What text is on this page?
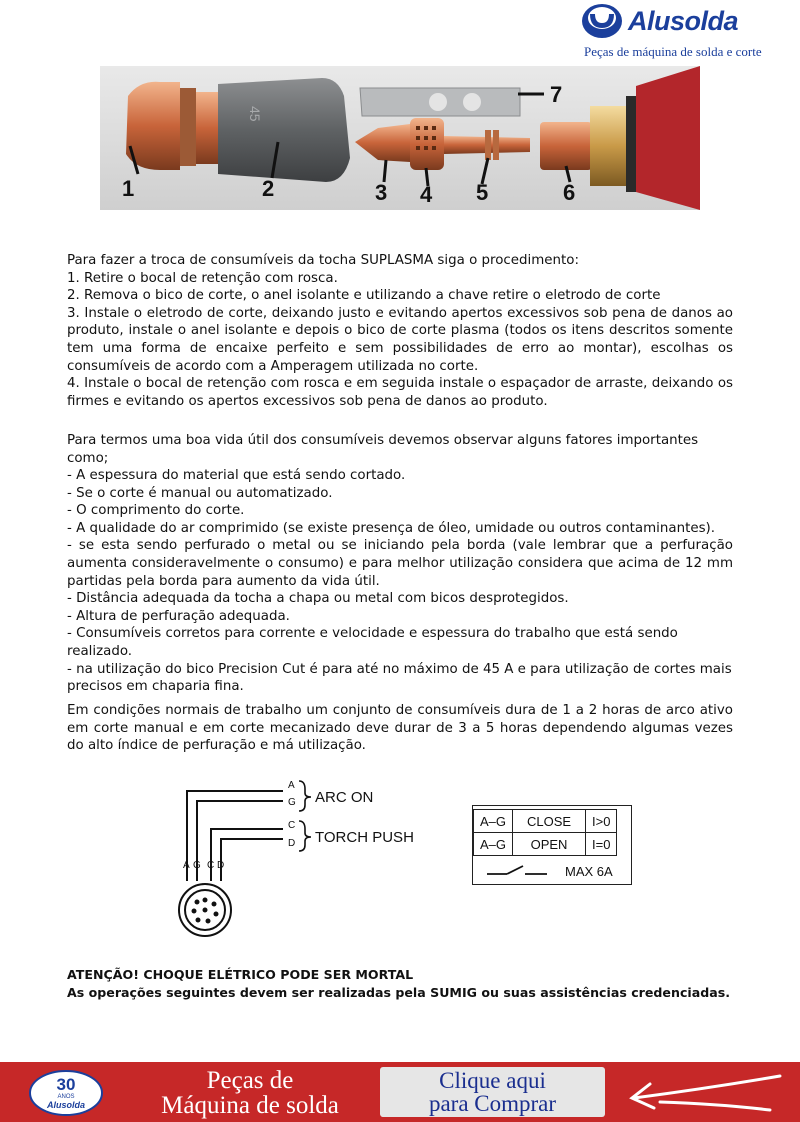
Alusolda
Peças de máquina de solda e corte
45
1	2	3 4 5	6
7

Para fazer a troca de consumíveis da tocha SUPLASMA siga o procedimento:

1. Retire o bocal de retenção com rosca.

2. Remova o bico de corte, o anel isolante e utilizando a chave retire o eletrodo de corte

3. Instale o eletrodo de corte, deixando justo e evitando apertos excessivos sob pena de danos ao produto, instale o anel isolante e depois o bico de corte plasma (todos os itens descritos somente tem uma forma de encaixe perfeito e sem possibilidades de erro ao montar), escolhas os consumíveis de acordo com a Amperagem utilizada no corte.

4. Instale o bocal de retenção com rosca e em seguida instale o espaçador de arraste, deixando os firmes e evitando os apertos excessivos sob pena de danos ao produto.

Para termos uma boa vida útil dos consumíveis devemos observar alguns fatores importantes como;

- A espessura do material que está sendo cortado.

- Se o corte é manual ou automatizado.

- O comprimento do corte.

- A qualidade do ar comprimido (se existe presença de óleo, umidade ou outros contaminantes).

- se esta sendo perfurado o metal ou se iniciando pela borda (vale lembrar que a perfuração aumenta consideravelmente o consumo) e para melhor utilização considera que acima de 12 mm partidas pela borda para aumento da vida útil.

- Distância adequada da tocha a chapa ou metal com bicos desprotegidos.

- Altura de perfuração adequada.

- Consumíveis corretos para corrente e velocidade e espessura do trabalho que está sendo realizado.

- na utilização do bico Precision Cut é para até no máximo de 45 A e para utilização de cortes mais precisos em chaparia fina.

Em condições normais de trabalho um conjunto de consumíveis dura de 1 a 2 horas de arco ativo em corte manual e em corte mecanizado deve durar de 3 a 5 horas dependendo algumas vezes do alto índice de perfuração e má utilização.
A G C D
A
G
C
D
ARC ON
TORCH PUSH
A–G	CLOSE	I>0
A–G	OPEN	I=0
MAX 6A
ATENÇÃO! CHOQUE ELÉTRICO PODE SER MORTAL
As operações seguintes devem ser realizadas pela SUMIG ou suas assistências credenciadas.
30
ANOS
Alusolda
Peças de
Máquina de solda
Clique aqui
para Comprar
